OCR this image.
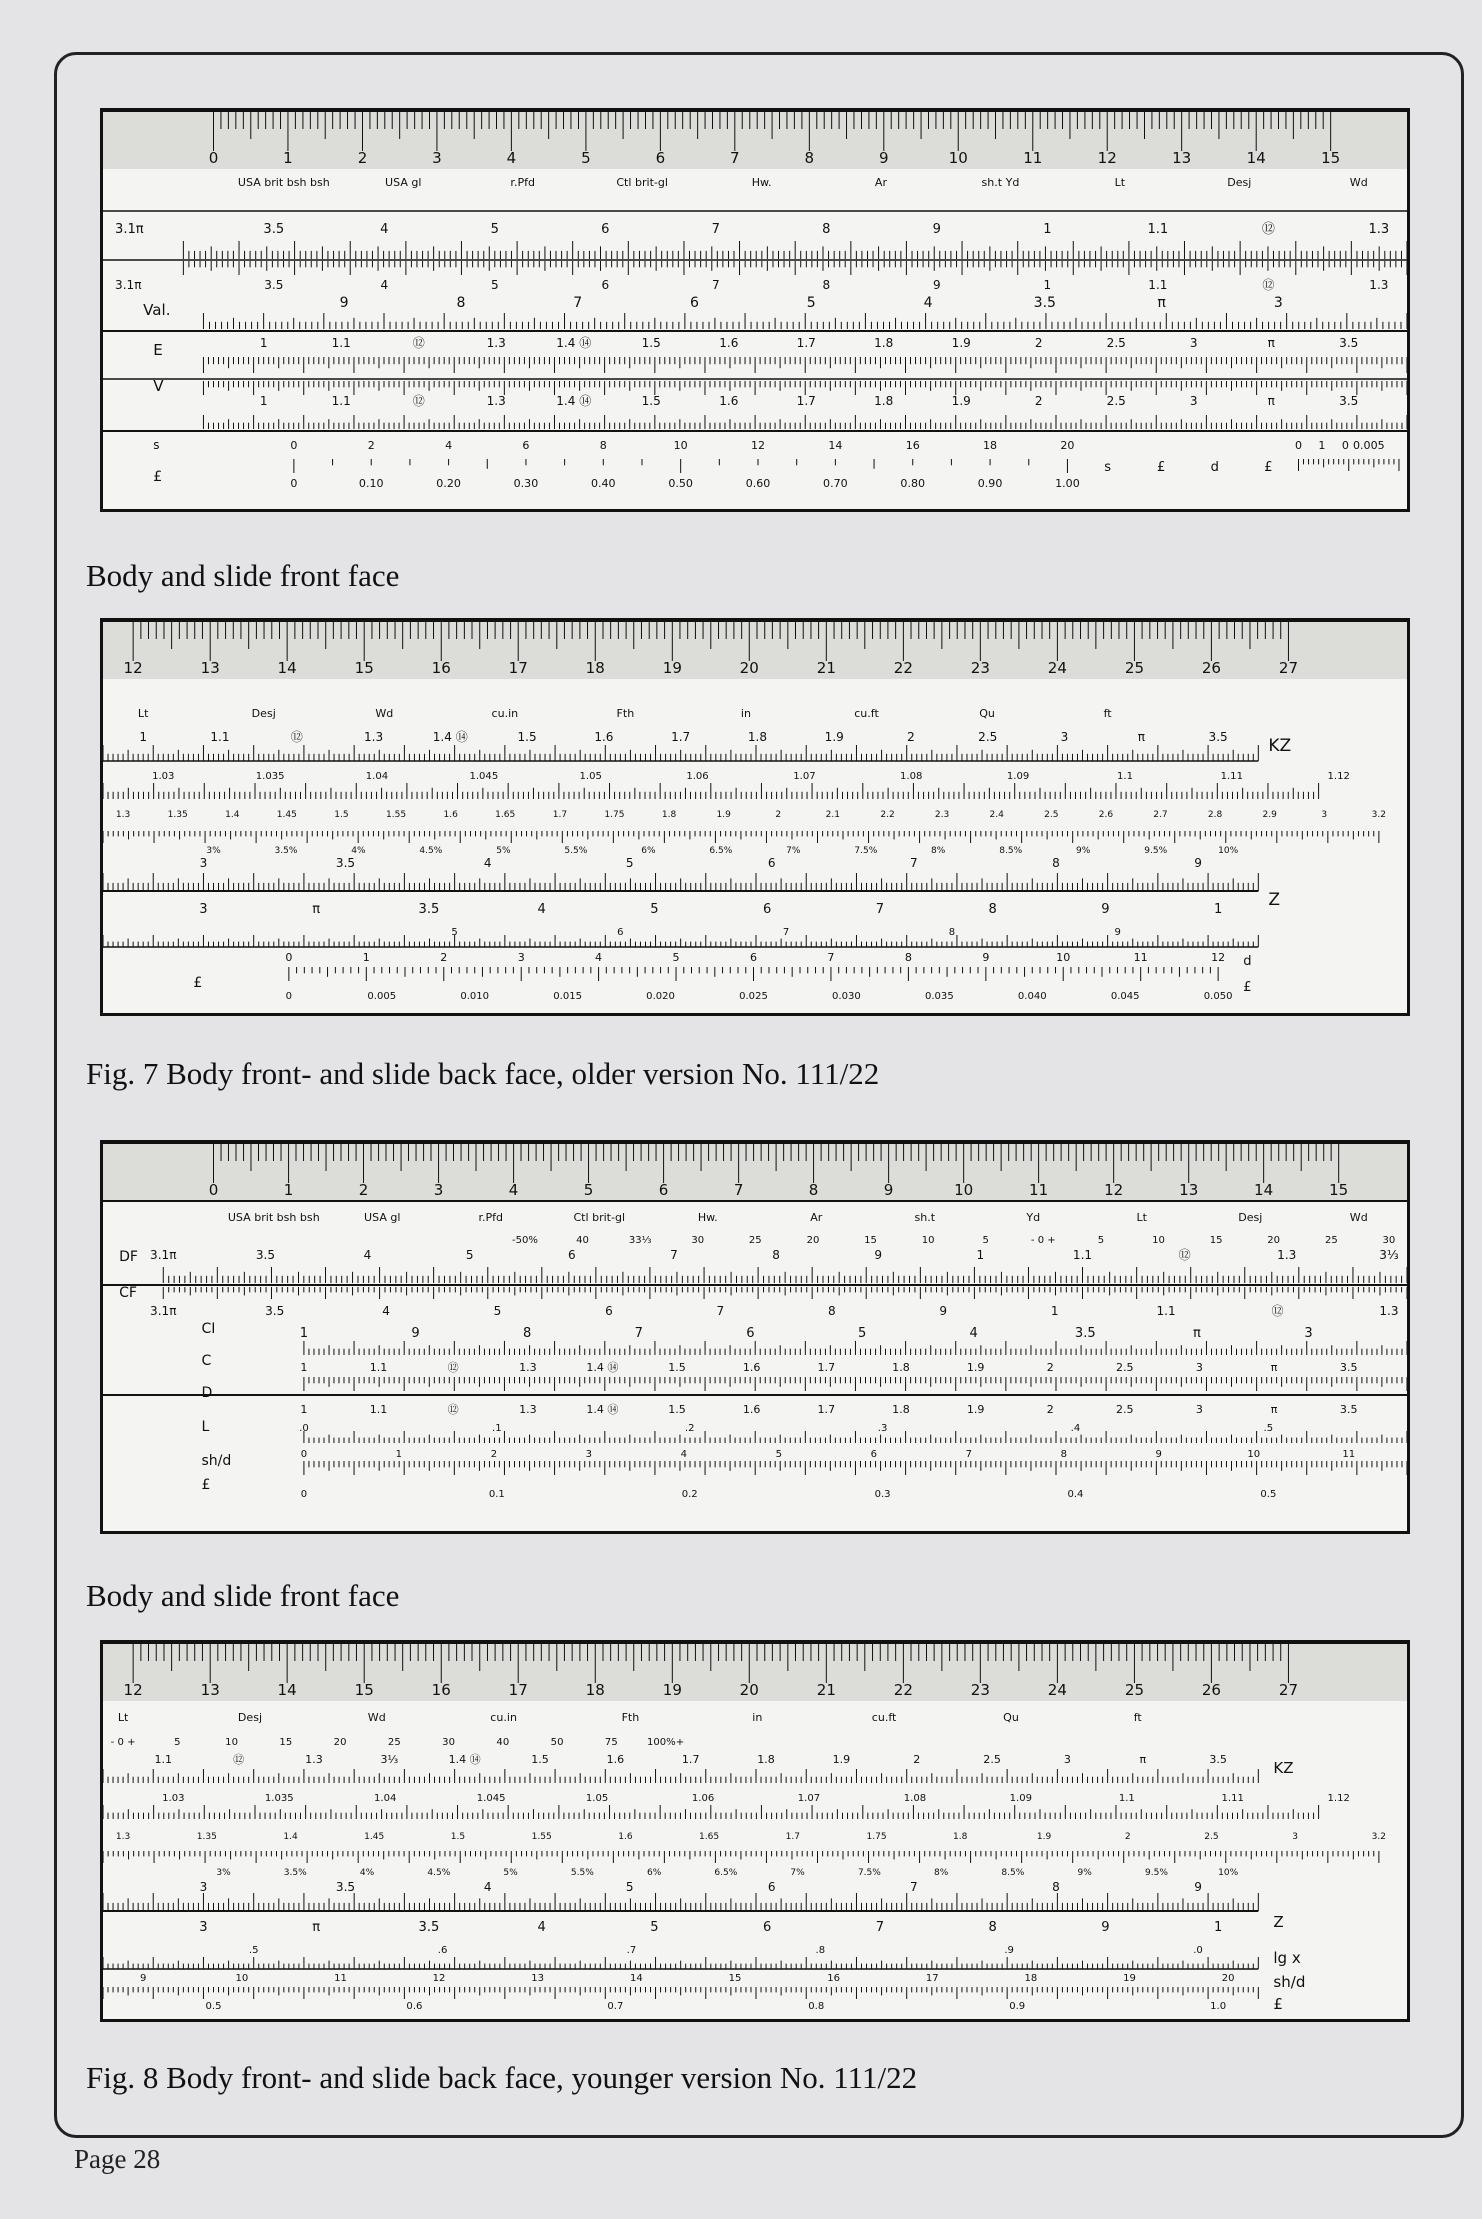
0	1	2	3	4	5	6	7	8	9	10	11	12	13	14	15
USA brit bsh bsh	USA gl	r.Pfd	Ctl brit-gl	Hw.	Ar	sh.t Yd	Lt	Desj	Wd
3.1π	3.5	4	5	6	7	8	9	1	1.1	⑫	1.3
3.1π	3.5	4	5	6	7	8	9	1	1.1	⑫	1.3
Val.	9	8	7	6	5	4	3.5	π	3
E	1	1.1	⑫	1.3	1.4 ⑭	1.5	1.6	1.7	1.8	1.9	2	2.5	3	π	3.5
V
1	1.1	⑫	1.3	1.4 ⑭	1.5	1.6	1.7	1.8	1.9	2	2.5	3	π	3.5
s	0	2	4	6	8	10	12	14	16	18	20
£	0	0.10	0.20	0.30	0.40	0.50	0.60	0.70	0.80	0.90	1.00
s	£	d	£
0 1 0 0.005
Body and slide front face
12	13	14	15	16	17	18	19	20	21	22	23	24	25	26	27
Lt	Desj	Wd	cu.in	Fth	in	cu.ft	Qu	ft
1	1.1	⑫	1.3	1.4 ⑭	1.5	1.6	1.7	1.8	1.9	2	2.5	3	π	3.5
1.03	1.035	1.04	1.045	1.05	1.06	1.07	1.08	1.09	1.1	1.11	1.12
1.3	1.35	1.4	1.45	1.5	1.55	1.6	1.65	1.7	1.75	1.8	1.9	2	2.1	2.2	2.3	2.4	2.5	2.6	2.7	2.8	2.9	3	3.2
3%	3.5%	4%	4.5%	5%	5.5%	6%	6.5%	7%	7.5%	8%	8.5%	9%	9.5%	10%
3	3.5	4	5	6	7	8	9
3	π	3.5	4	5	6	7	8	9	1
5	6	7	8	9
0	1	2	3	4	5	6	7	8	9	10	11	12
0	0.005	0.010	0.015	0.020	0.025	0.030	0.035	0.040	0.045	0.050
KZ
Z
d
£
£
Fig. 7 Body front- and slide back face, older version No. 111/22
0	1	2	3	4	5	6	7	8	9	10	11	12	13	14	15
USA brit bsh bsh	USA gl	r.Pfd	Ctl brit-gl	Hw.	Ar	sh.t	Yd	Lt	Desj	Wd
-50%	40	33⅓	30	25	20	15	10	5	- 0 +	5	10	15	20	25	30
DF
CF
CI
C
D
L
sh/d
£
3.1π	3.5	4	5	6	7	8	9	1	1.1	⑫	1.3	3⅓
3.1π	3.5	4	5	6	7	8	9	1	1.1	⑫	1.3
1	9	8	7	6	5	4	3.5	π	3
1	1.1	⑫	1.3	1.4 ⑭	1.5	1.6	1.7	1.8	1.9	2	2.5	3	π	3.5
1	1.1	⑫	1.3	1.4 ⑭	1.5	1.6	1.7	1.8	1.9	2	2.5	3	π	3.5
.0	.1	.2	.3	.4	.5
0	1	2	3	4	5	6	7	8	9	10	11
0	0.1	0.2	0.3	0.4	0.5
Body and slide front face
12	13	14	15	16	17	18	19	20	21	22	23	24	25	26	27
Lt	Desj	Wd	cu.in	Fth	in	cu.ft	Qu	ft
- 0 +	5	10	15	20	25	30	40	50	75	100%+
1.1	⑫	1.3	3⅓	1.4 ⑭	1.5	1.6	1.7	1.8	1.9	2	2.5	3	π	3.5
1.03	1.035	1.04	1.045	1.05	1.06	1.07	1.08	1.09	1.1	1.11	1.12
1.3	1.35	1.4	1.45	1.5	1.55	1.6	1.65	1.7	1.75	1.8	1.9	2	2.5	3	3.2
3%	3.5%	4%	4.5%	5%	5.5%	6%	6.5%	7%	7.5%	8%	8.5%	9%	9.5%	10%
3	3.5	4	5	6	7	8	9
3	π	3.5	4	5	6	7	8	9	1
.5	.6	.7	.8	.9	.0
9	10	11	12	13	14	15	16	17	18	19	20
0.5	0.6	0.7	0.8	0.9	1.0
KZ
Z
lg x
sh/d
£
Fig. 8 Body front- and slide back face, younger version No. 111/22
Page 28
